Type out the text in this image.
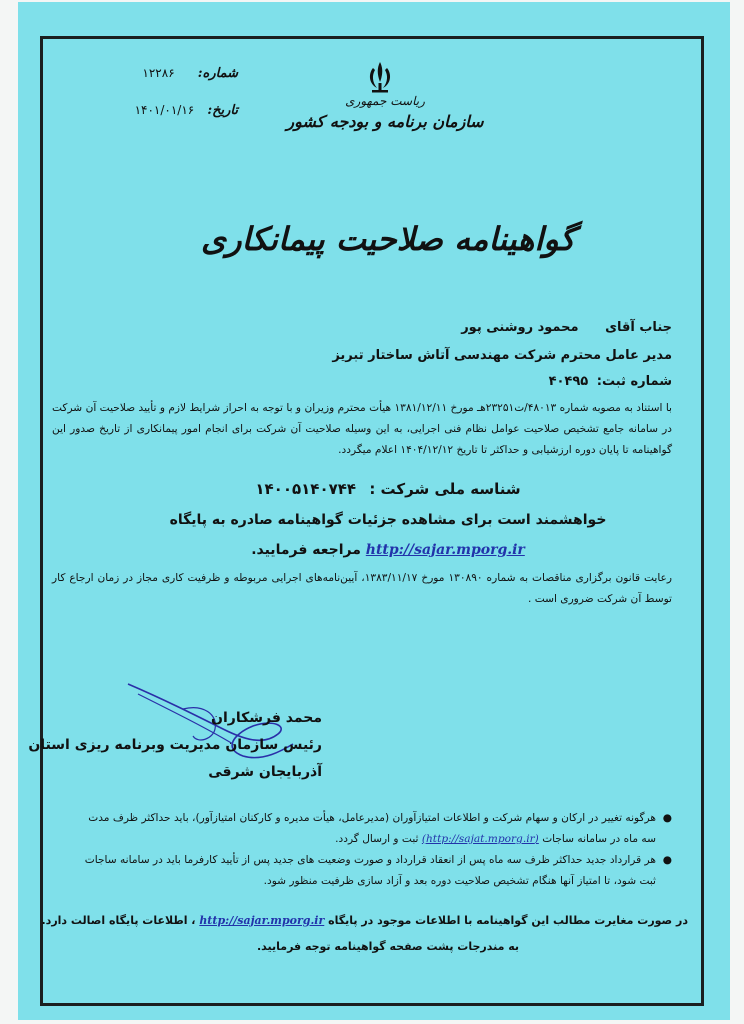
شماره: ۱۲۲۸۶
تاریخ: ۱۴۰۱/۰۱/۱۶
ریاست جمهوری
سازمان برنامه و بودجه کشور
گواهینامه صلاحیت پیمانکاری
جناب آقای محمود روشنی پور
مدیر عامل محترم شرکت مهندسی آتاش ساختار تبریز
شماره ثبت: ۴۰۴۹۵
با استناد به مصوبه شماره ۴۸۰۱۳/ت۲۳۲۵۱هـ مورخ ۱۳۸۱/۱۲/۱۱ هیأت محترم وزیران و با توجه به احراز شرایط لازم و تأیید صلاحیت آن شرکت در سامانه جامع تشخیص صلاحیت عوامل نظام فنی اجرایی، به این وسیله صلاحیت آن شرکت برای انجام امور پیمانکاری از تاریخ صدور این گواهینامه تا پایان دوره ارزشیابی و حداکثر تا تاریخ ۱۴۰۴/۱۲/۱۲ اعلام میگردد.
شناسه ملی شرکت : ۱۴۰۰۵۱۴۰۷۴۴
خواهشمند است برای مشاهده جزئیات گواهینامه صادره به پایگاه
http://sajar.mporg.ir مراجعه فرمایید.
رعایت قانون برگزاری مناقصات به شماره ۱۳۰۸۹۰ مورخ ۱۳۸۳/۱۱/۱۷، آیین‌نامه‌های اجرایی مربوطه و ظرفیت کاری مجاز در زمان ارجاع کار توسط آن شرکت ضروری است .
محمد فرشکاران
رئیس سازمان مدیریت وبرنامه ریزی استان
آذربایجان شرقی
●
هرگونه تغییر در ارکان و سهام شرکت و اطلاعات امتیازآوران (مدیرعامل، هیأت مدیره و کارکنان امتیازآور)، باید حداکثر ظرف مدت سه ماه در سامانه ساجات (http://sajat.mporg.ir) ثبت و ارسال گردد.
●
هر قرارداد جدید حداکثر ظرف سه ماه پس از انعقاد قرارداد و صورت وضعیت های جدید پس از تأیید کارفرما باید در سامانه ساجات ثبت شود، تا امتیاز آنها هنگام تشخیص صلاحیت دوره بعد و آزاد سازی ظرفیت منظور شود.
در صورت مغایرت مطالب این گواهینامه با اطلاعات موجود در پایگاه http://sajar.mporg.ir ، اطلاعات پایگاه اصالت دارد.
به مندرجات پشت صفحه گواهینامه توجه فرمایید.
